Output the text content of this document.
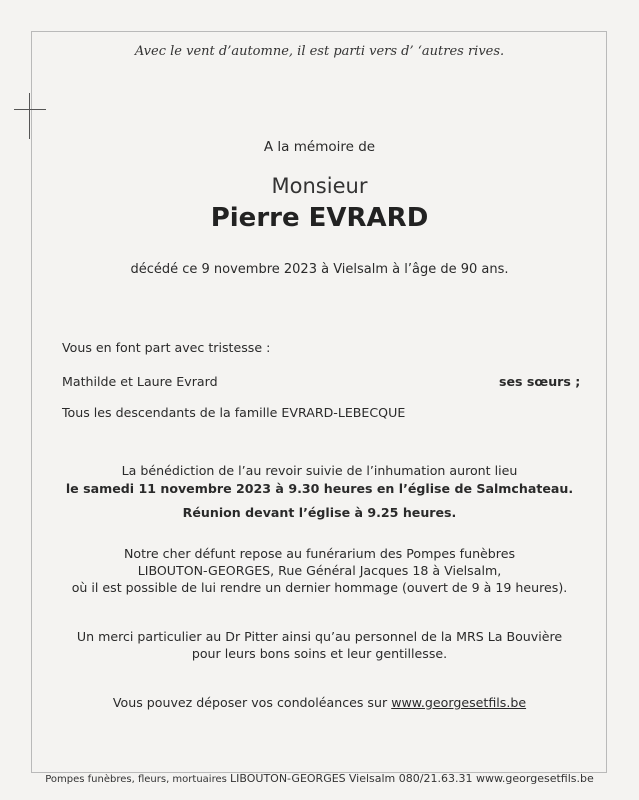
Avec le vent d’automne, il est parti vers d’ ‘autres rives.
A la mémoire de
Monsieur
Pierre EVRARD
décédé ce 9 novembre 2023 à Vielsalm à l’âge de 90 ans.
Vous en font part avec tristesse :
Mathilde et Laure Evrard	ses sœurs ;
Tous les descendants de la famille EVRARD-LEBECQUE
La bénédiction de l’au revoir suivie de l’inhumation auront lieu
le samedi 11 novembre 2023 à 9.30 heures en l’église de Salmchateau.
Réunion devant l’église à 9.25 heures.
Notre cher défunt repose au funérarium des Pompes funèbres
LIBOUTON-GEORGES, Rue Général Jacques 18 à Vielsalm,
où il est possible de lui rendre un dernier hommage (ouvert de 9 à 19 heures).
Un merci particulier au Dr Pitter ainsi qu’au personnel de la MRS La Bouvière
pour leurs bons soins et leur gentillesse.
Vous pouvez déposer vos condoléances sur www.georgesetfils.be
Pompes funèbres, fleurs, mortuaires LIBOUTON-GEORGES Vielsalm 080/21.63.31 www.georgesetfils.be
